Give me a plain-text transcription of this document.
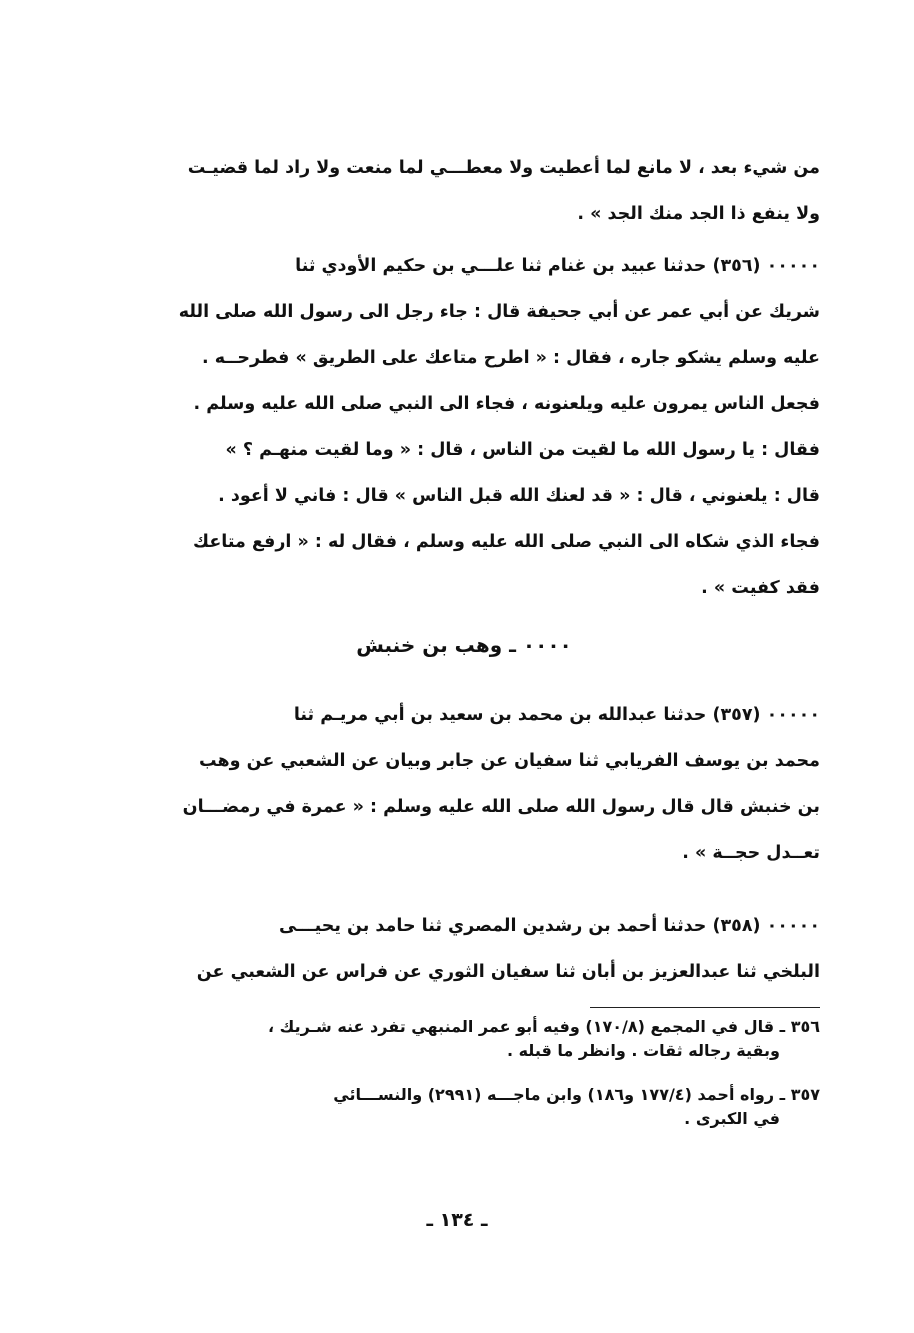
من شيء بعد ، لا مانع لما أعطيت ولا معطـــي لما منعت ولا راد لما قضيـت
ولا ينفع ذا الجد منك الجد » .
٠٠٠٠٠ (٣٥٦) حدثنا عبيد بن غنام ثنا علـــي بن حكيم الأودي ثنا
شريك عن أبي عمر عن أبي جحيفة قال : جاء رجل الى رسول الله صلى الله
عليه وسلم يشكو جاره ، فقال : « اطرح متاعك على الطريق » فطرحــه .
فجعل الناس يمرون عليه ويلعنونه ، فجاء الى النبي صلى الله عليه وسلم .
فقال : يا رسول الله ما لقيت من الناس ، قال : « وما لقيت منهـم ؟ »
قال : يلعنوني ، قال : « قد لعنك الله قبل الناس » قال : فاني لا أعود .
فجاء الذي شكاه الى النبي صلى الله عليه وسلم ، فقال له : « ارفع متاعك
فقد كفيت » .
٠٠٠٠ ـ وهب بن خنبش
٠٠٠٠٠ (٣٥٧) حدثنا عبدالله بن محمد بن سعيد بن أبي مريـم ثنا
محمد بن يوسف الفريابي ثنا سفيان عن جابر وبيان عن الشعبي عن وهب
بن خنبش قال قال رسول الله صلى الله عليه وسلم : « عمرة في رمضـــان
تعــدل حجــة » .
٠٠٠٠٠ (٣٥٨) حدثنا أحمد بن رشدين المصري ثنا حامد بن يحيـــى
البلخي ثنا عبدالعزيز بن أبان ثنا سفيان الثوري عن فراس عن الشعبي عن
٣٥٦ ـ قال في المجمع (١٧٠/٨) وفيه أبو عمر المنبهي تفرد عنه شـريك ،
وبقية رجاله ثقات . وانظر ما قبله .
٣٥٧ ـ رواه أحمد (١٧٧/٤ و١٨٦) وابن ماجـــه (٢٩٩١) والنســـائي
في الكبرى .
ـ ١٣٤ ـ
